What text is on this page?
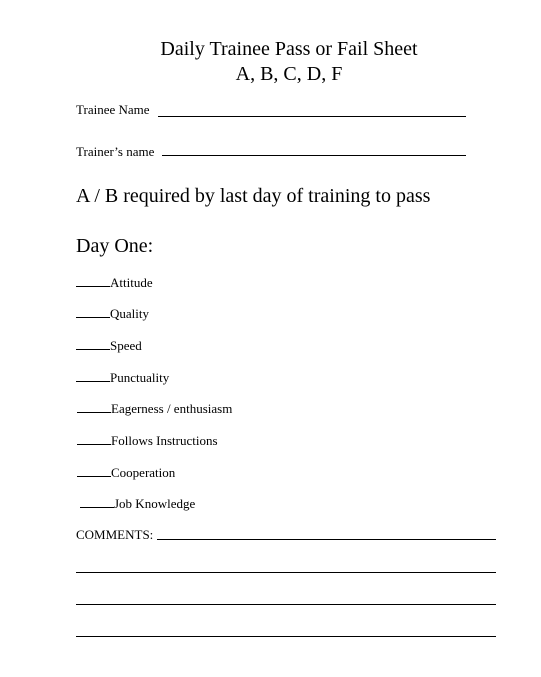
Daily Trainee Pass or Fail Sheet
A, B, C, D, F
Trainee Name
Trainer’s name
A / B required by last day of training to pass
Day One:
Attitude
Quality
Speed
Punctuality
Eagerness / enthusiasm
Follows Instructions
Cooperation
Job Knowledge
COMMENTS:
